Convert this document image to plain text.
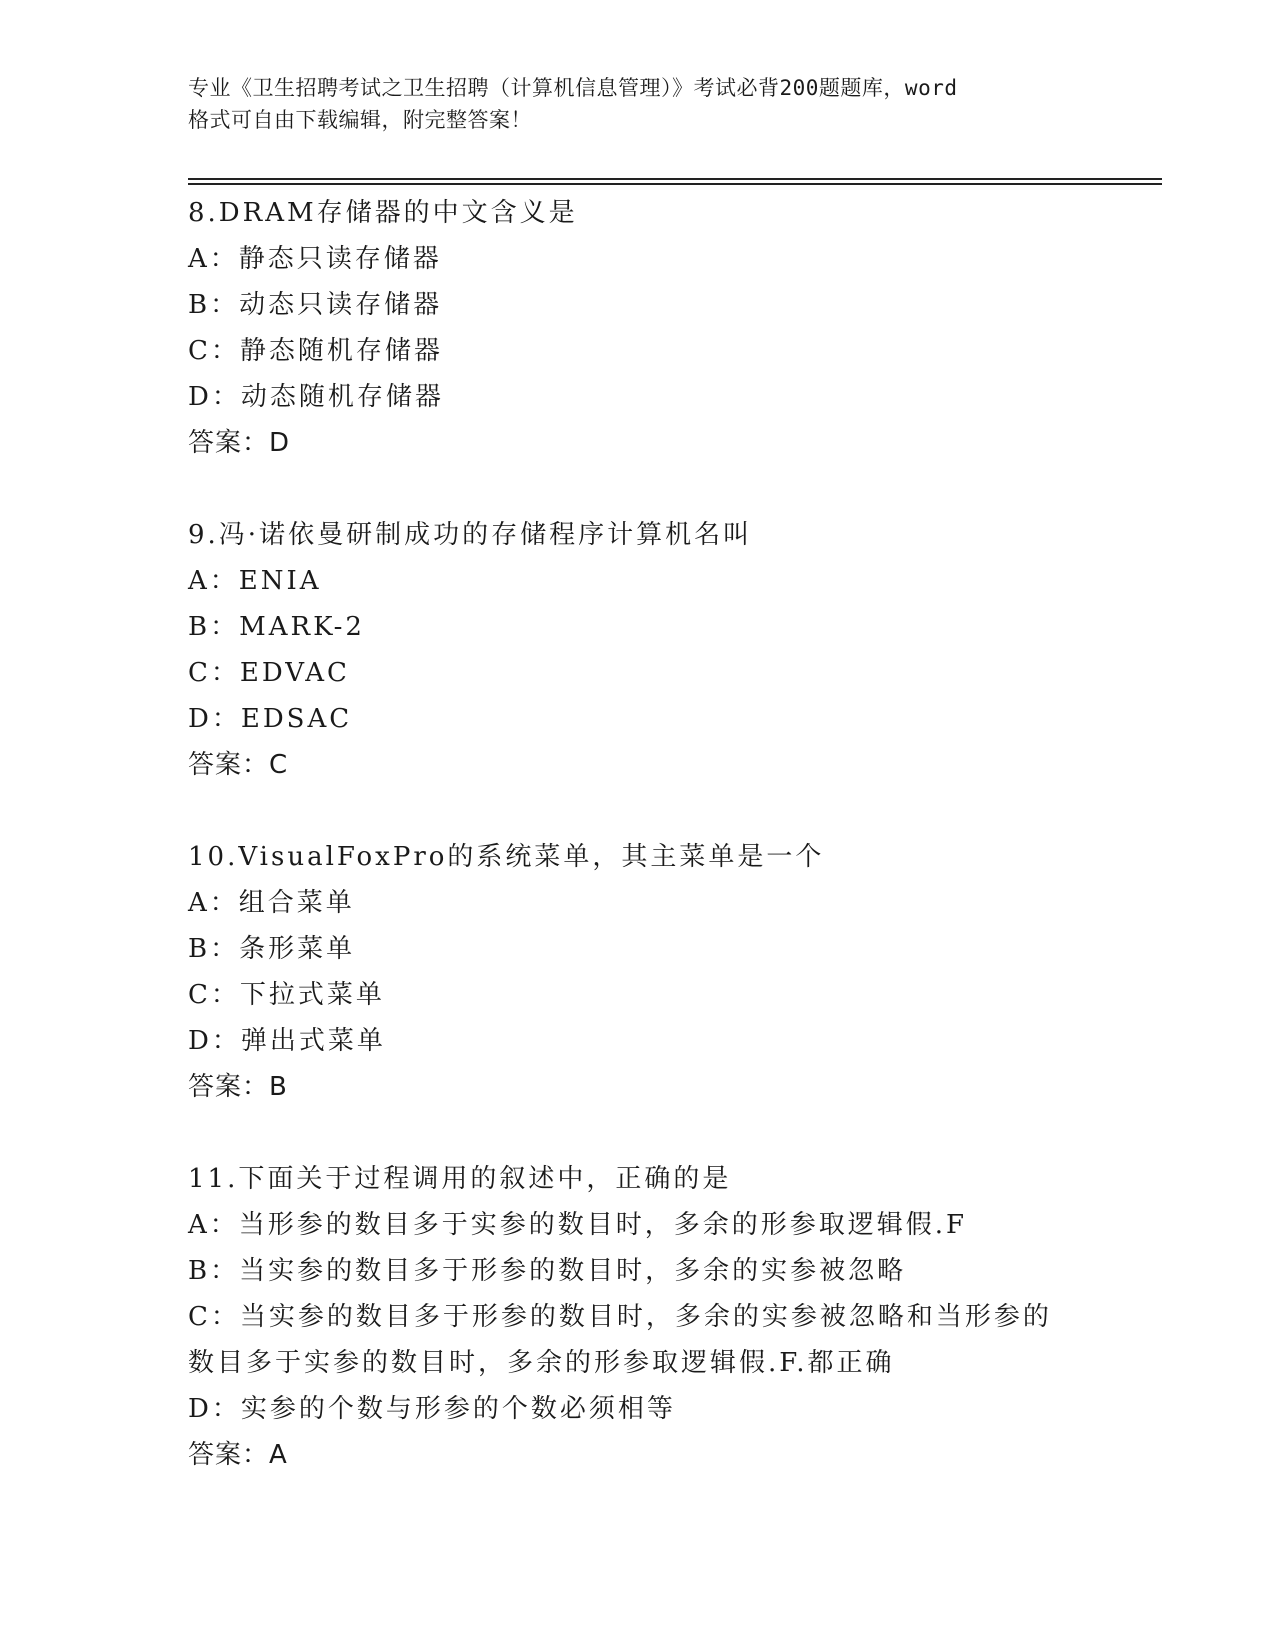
专业《卫生招聘考试之卫生招聘（计算机信息管理）》考试必背200题题库，word
格式可自由下载编辑，附完整答案！
8.DRAM存储器的中文含义是
A：静态只读存储器
B：动态只读存储器
C：静态随机存储器
D：动态随机存储器
答案：D
9.冯·诺依曼研制成功的存储程序计算机名叫
A：ENIA
B：MARK-2
C：EDVAC
D：EDSAC
答案：C
10.VisualFoxPro的系统菜单，其主菜单是一个
A：组合菜单
B：条形菜单
C：下拉式菜单
D：弹出式菜单
答案：B
11.下面关于过程调用的叙述中，正确的是
A：当形参的数目多于实参的数目时，多余的形参取逻辑假.F
B：当实参的数目多于形参的数目时，多余的实参被忽略
C：当实参的数目多于形参的数目时，多余的实参被忽略和当形参的数目多于实参的数目时，多余的形参取逻辑假.F.都正确
D：实参的个数与形参的个数必须相等
答案：A
